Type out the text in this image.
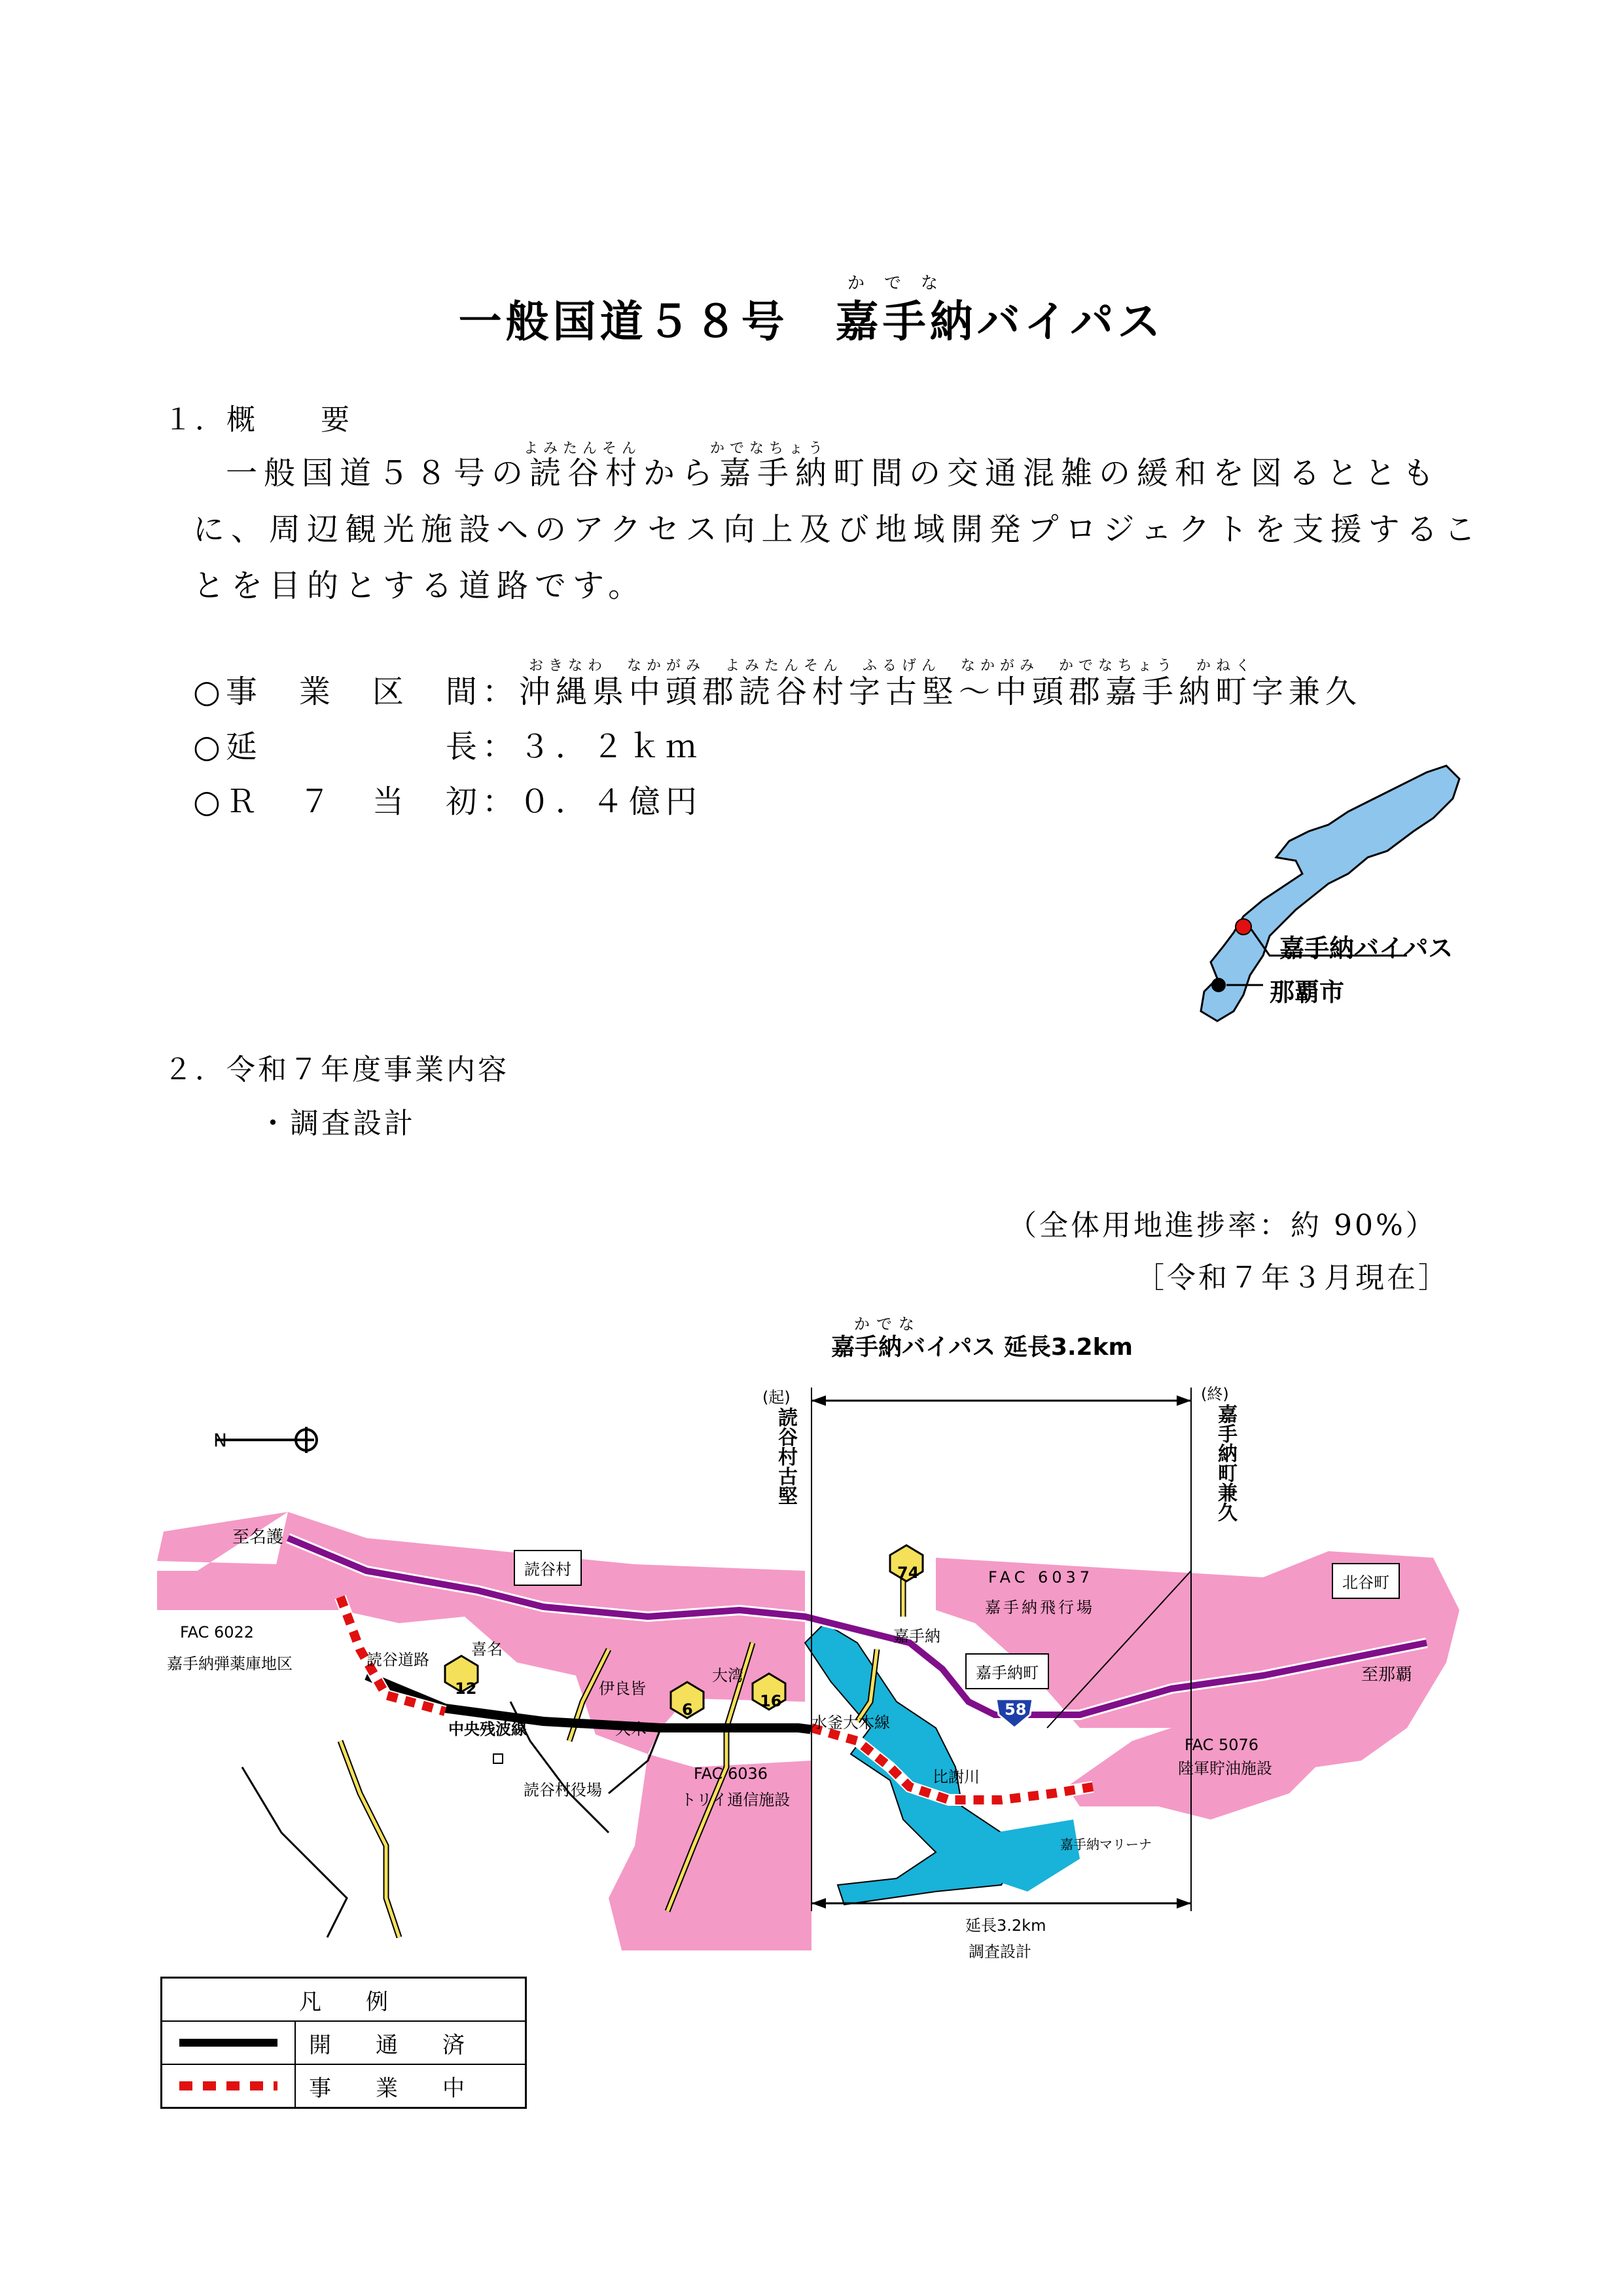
かでな
一般国道５８号　嘉手納バイパス
１．概　　要
よみたんそん	かでなちょう
一般国道５８号の読谷村から嘉手納町間の交通混雑の緩和を図るととも
に、周辺観光施設へのアクセス向上及び地域開発プロジェクトを支援するこ
とを目的とする道路です。
おきなわ　なかがみ　よみたんそん　ふるげん　なかがみ　かでなちょう　かねく
○事　業　区　間：沖縄県中頭郡読谷村字古堅～中頭郡嘉手納町字兼久
○延　　　　　長：３．２ｋｍ
○Ｒ　７　当　初：０．４億円
嘉手納バイパス
那覇市
２．令和７年度事業内容
・調査設計
（全体用地進捗率：約 90%）
［令和７年３月現在］
N
かでな
嘉手納バイパス 延長3.2km
(起)
読谷村古堅
(終)
嘉手納町兼久
至名護
至那覇
読谷村
北谷町
嘉手納町
FAC 6022
嘉手納弾薬庫地区
FAC 6037
嘉手納飛行場
FAC 6036
トリイ通信施設
FAC 5076
陸軍貯油施設
読谷道路
喜名
伊良皆
大湾
大木
嘉手納
中央残波線
読谷村役場
水釜大木線
比謝川
嘉手納マリーナ
12
6	16
74
58
延長3.2km
調査設計
凡　　例	

	開　　通　　済

	事　　業　　中
